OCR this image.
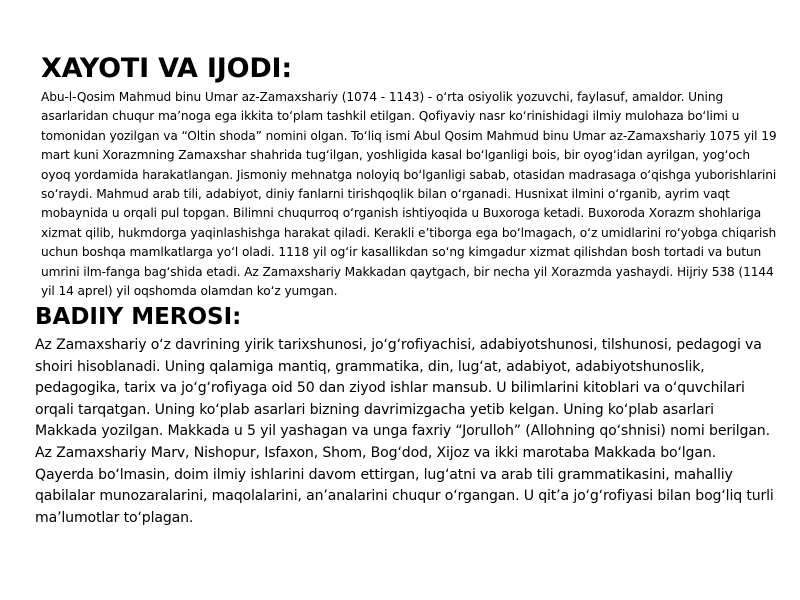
XAYOTI VA IJODI:

Abu-l-Qosim Mahmud binu Umar az-Zamaxshariy (1074 - 1143) - o‘rta osiyolik yozuvchi, faylasuf, amaldor. Uning asarlaridan chuqur ma’noga ega ikkita to‘plam tashkil etilgan. Qofiyaviy nasr ko‘rinishidagi ilmiy mulohaza bo‘limi u tomonidan yozilgan va “Oltin shoda” nomini olgan. To‘liq ismi Abul Qosim Mahmud binu Umar az-Zamaxshariy 1075 yil 19 mart kuni Xorazmning Zamaxshar shahrida tug‘ilgan, yoshligida kasal bo‘lganligi bois, bir oyog‘idan ayrilgan, yog‘och oyoq yordamida harakatlangan. Jismoniy mehnatga noloyiq bo‘lganligi sabab, otasidan madrasaga o‘qishga yuborishlarini so‘raydi. Mahmud arab tili, adabiyot, diniy fanlarni tirishqoqlik bilan o‘rganadi. Husnixat ilmini o‘rganib, ayrim vaqt mobaynida u orqali pul topgan. Bilimni chuqurroq o‘rganish ishtiyoqida u Buxoroga ketadi. Buxoroda Xorazm shohlariga xizmat qilib, hukmdorga yaqinlashishga harakat qiladi. Kerakli e’tiborga ega bo‘lmagach, o‘z umidlarini ro‘yobga chiqarish uchun boshqa mamlkatlarga yo‘l oladi. 1118 yil og‘ir kasallikdan so‘ng kimgadur xizmat qilishdan bosh tortadi va butun umrini ilm-fanga bag‘shida etadi. Az Zamaxshariy Makkadan qaytgach, bir necha yil Xorazmda yashaydi. Hijriy 538 (1144 yil 14 aprel) yil oqshomda olamdan ko‘z yumgan.

BADIIY MEROSI:

Az Zamaxshariy o‘z davrining yirik tarixshunosi, jo‘g‘rofiyachisi, adabiyotshunosi, tilshunosi, pedagogi va shoiri hisoblanadi. Uning qalamiga mantiq, grammatika, din, lug‘at, adabiyot, adabiyotshunoslik, pedagogika, tarix va jo‘g‘rofiyaga oid 50 dan ziyod ishlar mansub. U bilimlarini kitoblari va o‘quvchilari orqali tarqatgan. Uning ko‘plab asarlari bizning davrimizgacha yetib kelgan. Uning ko‘plab asarlari Makkada yozilgan. Makkada u 5 yil yashagan va unga faxriy “Jorulloh” (Allohning qo‘shnisi) nomi berilgan. Az Zamaxshariy Marv, Nishopur, Isfaxon, Shom, Bog‘dod, Xijoz va ikki marotaba Makkada bo‘lgan. Qayerda bo‘lmasin, doim ilmiy ishlarini davom ettirgan, lug‘atni va arab tili grammatikasini, mahalliy qabilalar munozaralarini, maqolalarini, an’analarini chuqur o‘rgangan. U qit’a jo‘g‘rofiyasi bilan bog‘liq turli ma’lumotlar to‘plagan.
